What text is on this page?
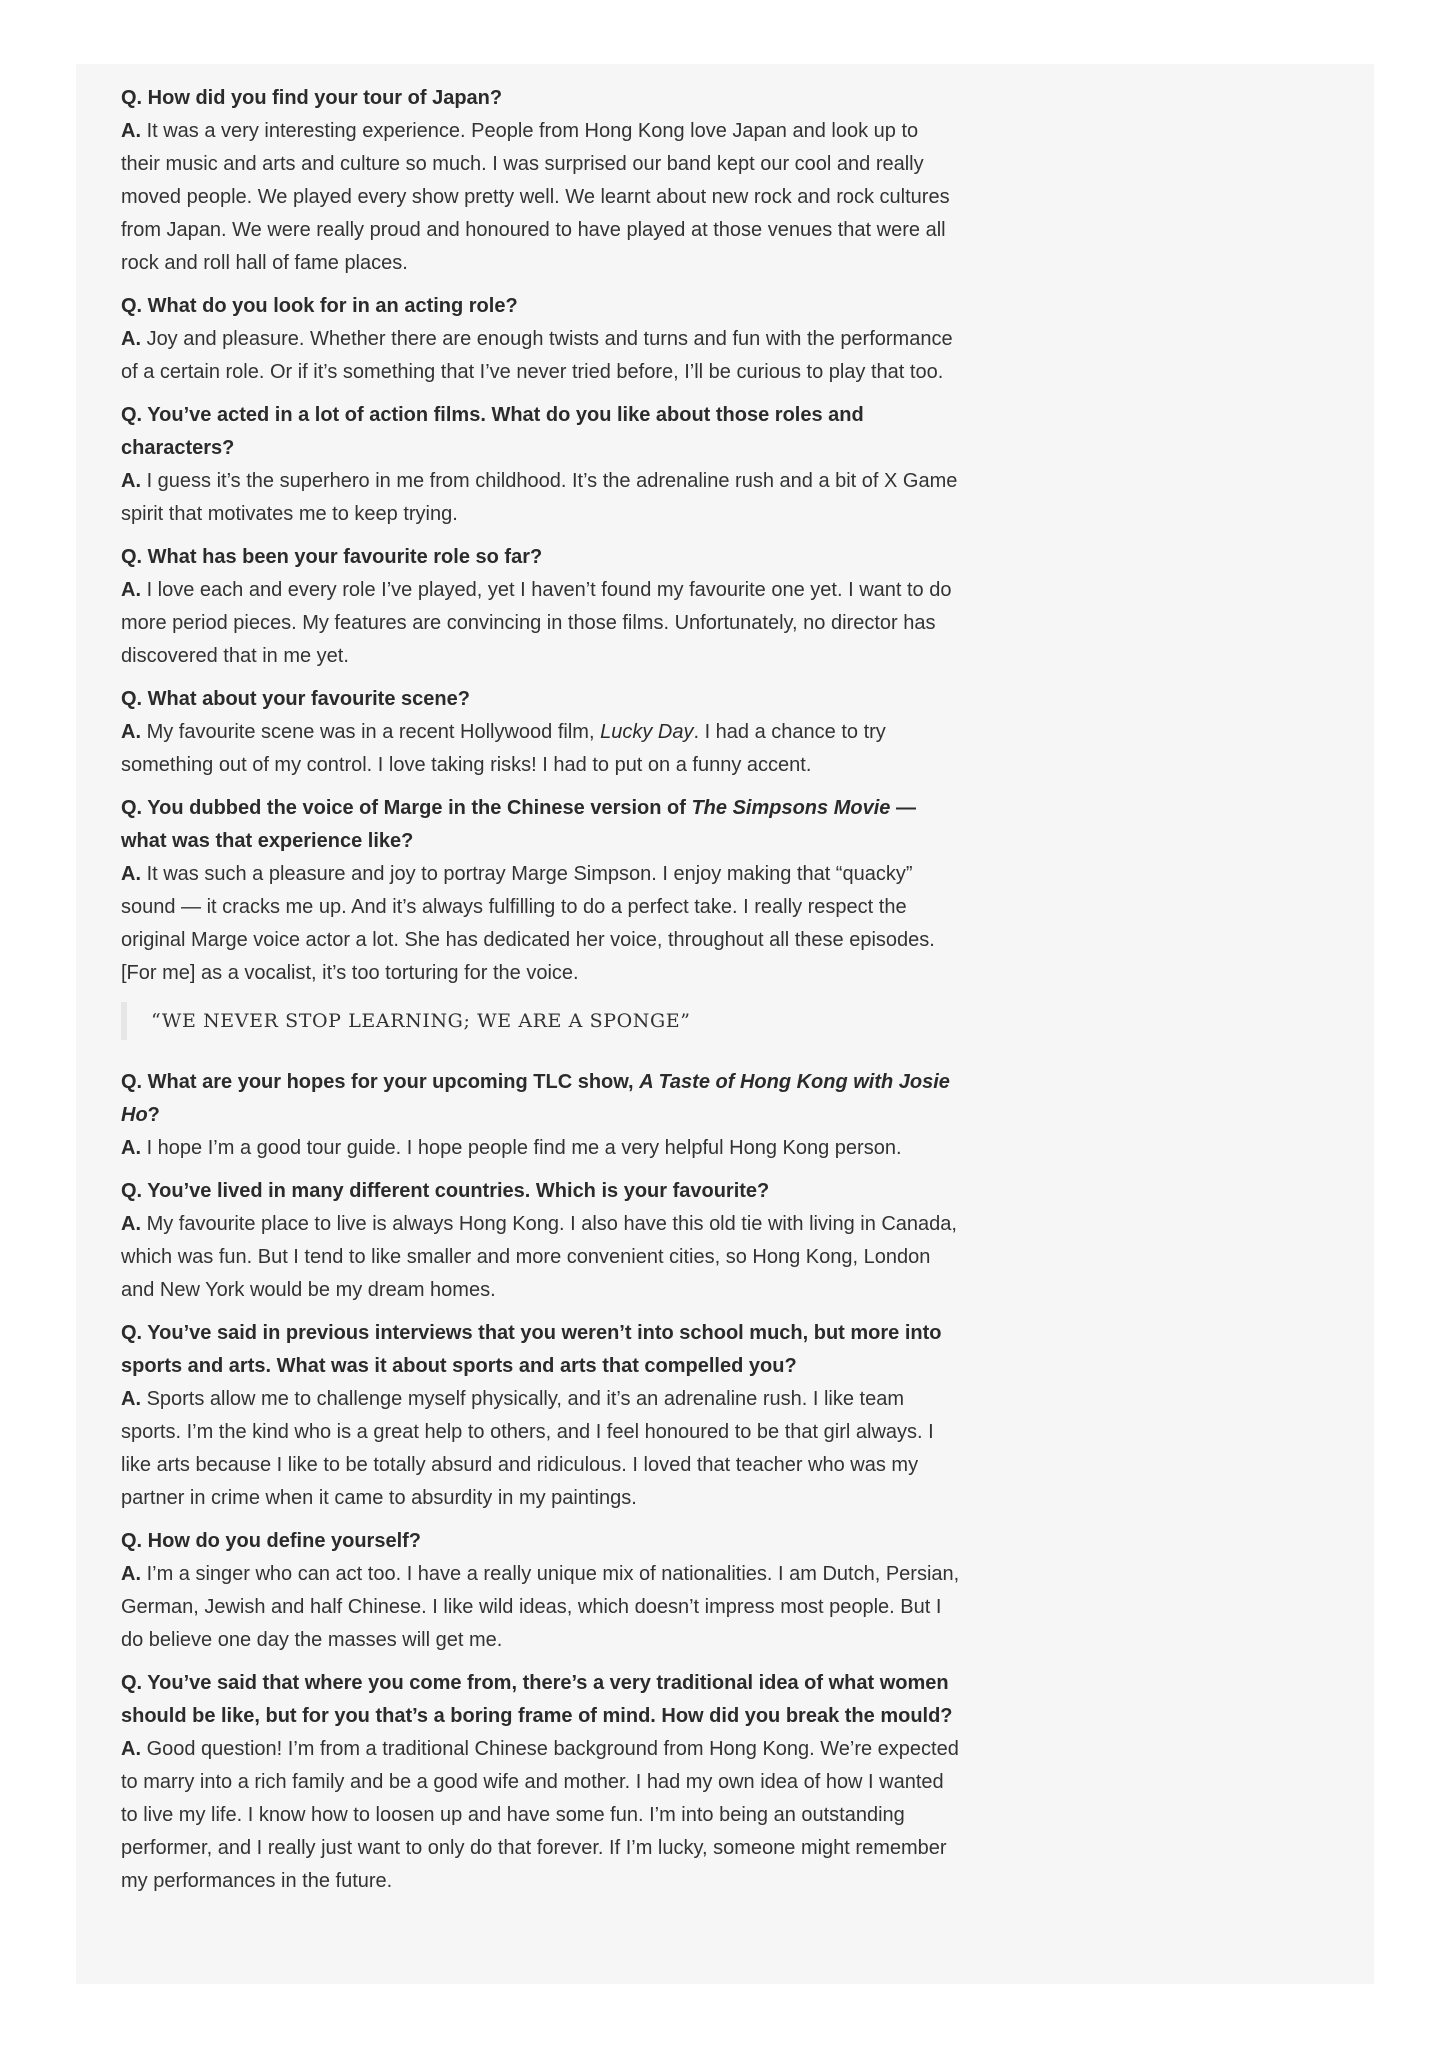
Q. How did you find your tour of Japan?

A. It was a very interesting experience. People from Hong Kong love Japan and look up to their music and arts and culture so much. I was surprised our band kept our cool and really moved people. We played every show pretty well. We learnt about new rock and rock cultures from Japan. We were really proud and honoured to have played at those venues that were all rock and roll hall of fame places.

Q. What do you look for in an acting role?

A. Joy and pleasure. Whether there are enough twists and turns and fun with the performance of a certain role. Or if it’s something that I’ve never tried before, I’ll be curious to play that too.

Q. You’ve acted in a lot of action films. What do you like about those roles and characters?

A. I guess it’s the superhero in me from childhood. It’s the adrenaline rush and a bit of X Game spirit that motivates me to keep trying.

Q. What has been your favourite role so far?

A. I love each and every role I’ve played, yet I haven’t found my favourite one yet. I want to do more period pieces. My features are convincing in those films. Unfortunately, no director has discovered that in me yet.

Q. What about your favourite scene?

A. My favourite scene was in a recent Hollywood film, Lucky Day. I had a chance to try something out of my control. I love taking risks! I had to put on a funny accent.

Q. You dubbed the voice of Marge in the Chinese version of The Simpsons Movie — what was that experience like?

A. It was such a pleasure and joy to portray Marge Simpson. I enjoy making that “quacky” sound — it cracks me up. And it’s always fulfilling to do a perfect take. I really respect the original Marge voice actor a lot. She has dedicated her voice, throughout all these episodes. [For me] as a vocalist, it’s too torturing for the voice.

“WE NEVER STOP LEARNING; WE ARE A SPONGE”

Q. What are your hopes for your upcoming TLC show, A Taste of Hong Kong with Josie Ho?

A. I hope I’m a good tour guide. I hope people find me a very helpful Hong Kong person.

Q. You’ve lived in many different countries. Which is your favourite?

A. My favourite place to live is always Hong Kong. I also have this old tie with living in Canada, which was fun. But I tend to like smaller and more convenient cities, so Hong Kong, London and New York would be my dream homes.

Q. You’ve said in previous interviews that you weren’t into school much, but more into sports and arts. What was it about sports and arts that compelled you?

A. Sports allow me to challenge myself physically, and it’s an adrenaline rush. I like team sports. I’m the kind who is a great help to others, and I feel honoured to be that girl always. I like arts because I like to be totally absurd and ridiculous. I loved that teacher who was my partner in crime when it came to absurdity in my paintings.

Q. How do you define yourself?

A. I’m a singer who can act too. I have a really unique mix of nationalities. I am Dutch, Persian, German, Jewish and half Chinese. I like wild ideas, which doesn’t impress most people. But I do believe one day the masses will get me.

Q. You’ve said that where you come from, there’s a very traditional idea of what women should be like, but for you that’s a boring frame of mind. How did you break the mould?

A. Good question! I’m from a traditional Chinese background from Hong Kong. We’re expected to marry into a rich family and be a good wife and mother. I had my own idea of how I wanted to live my life. I know how to loosen up and have some fun. I’m into being an outstanding performer, and I really just want to only do that forever. If I’m lucky, someone might remember my performances in the future.
